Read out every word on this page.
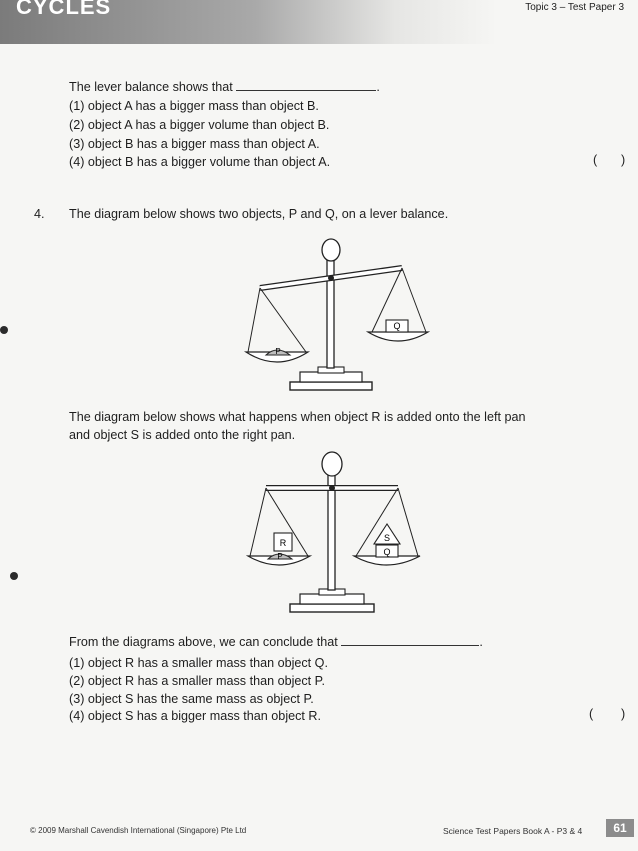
CYCLES	Topic 3 – Test Paper 3
The lever balance shows that	.
(1) object A has a bigger mass than object B.
(2) object A has a bigger volume than object B.
(3) object B has a bigger mass than object A.
(4) object B has a bigger volume than object A.	( )
4. The diagram below shows two objects, P and Q, on a lever balance.
P
Q
The diagram below shows what happens when object R is added onto the left pan
and object S is added onto the right pan.
R
P
S
Q
From the diagrams above, we can conclude that	.
(1) object R has a smaller mass than object Q.
(2) object R has a smaller mass than object P.
(3) object S has the same mass as object P.
(4) object S has a bigger mass than object R.	( )
© 2009 Marshall Cavendish International (Singapore) Pte Ltd	Science Test Papers Book A - P3 & 4	61
